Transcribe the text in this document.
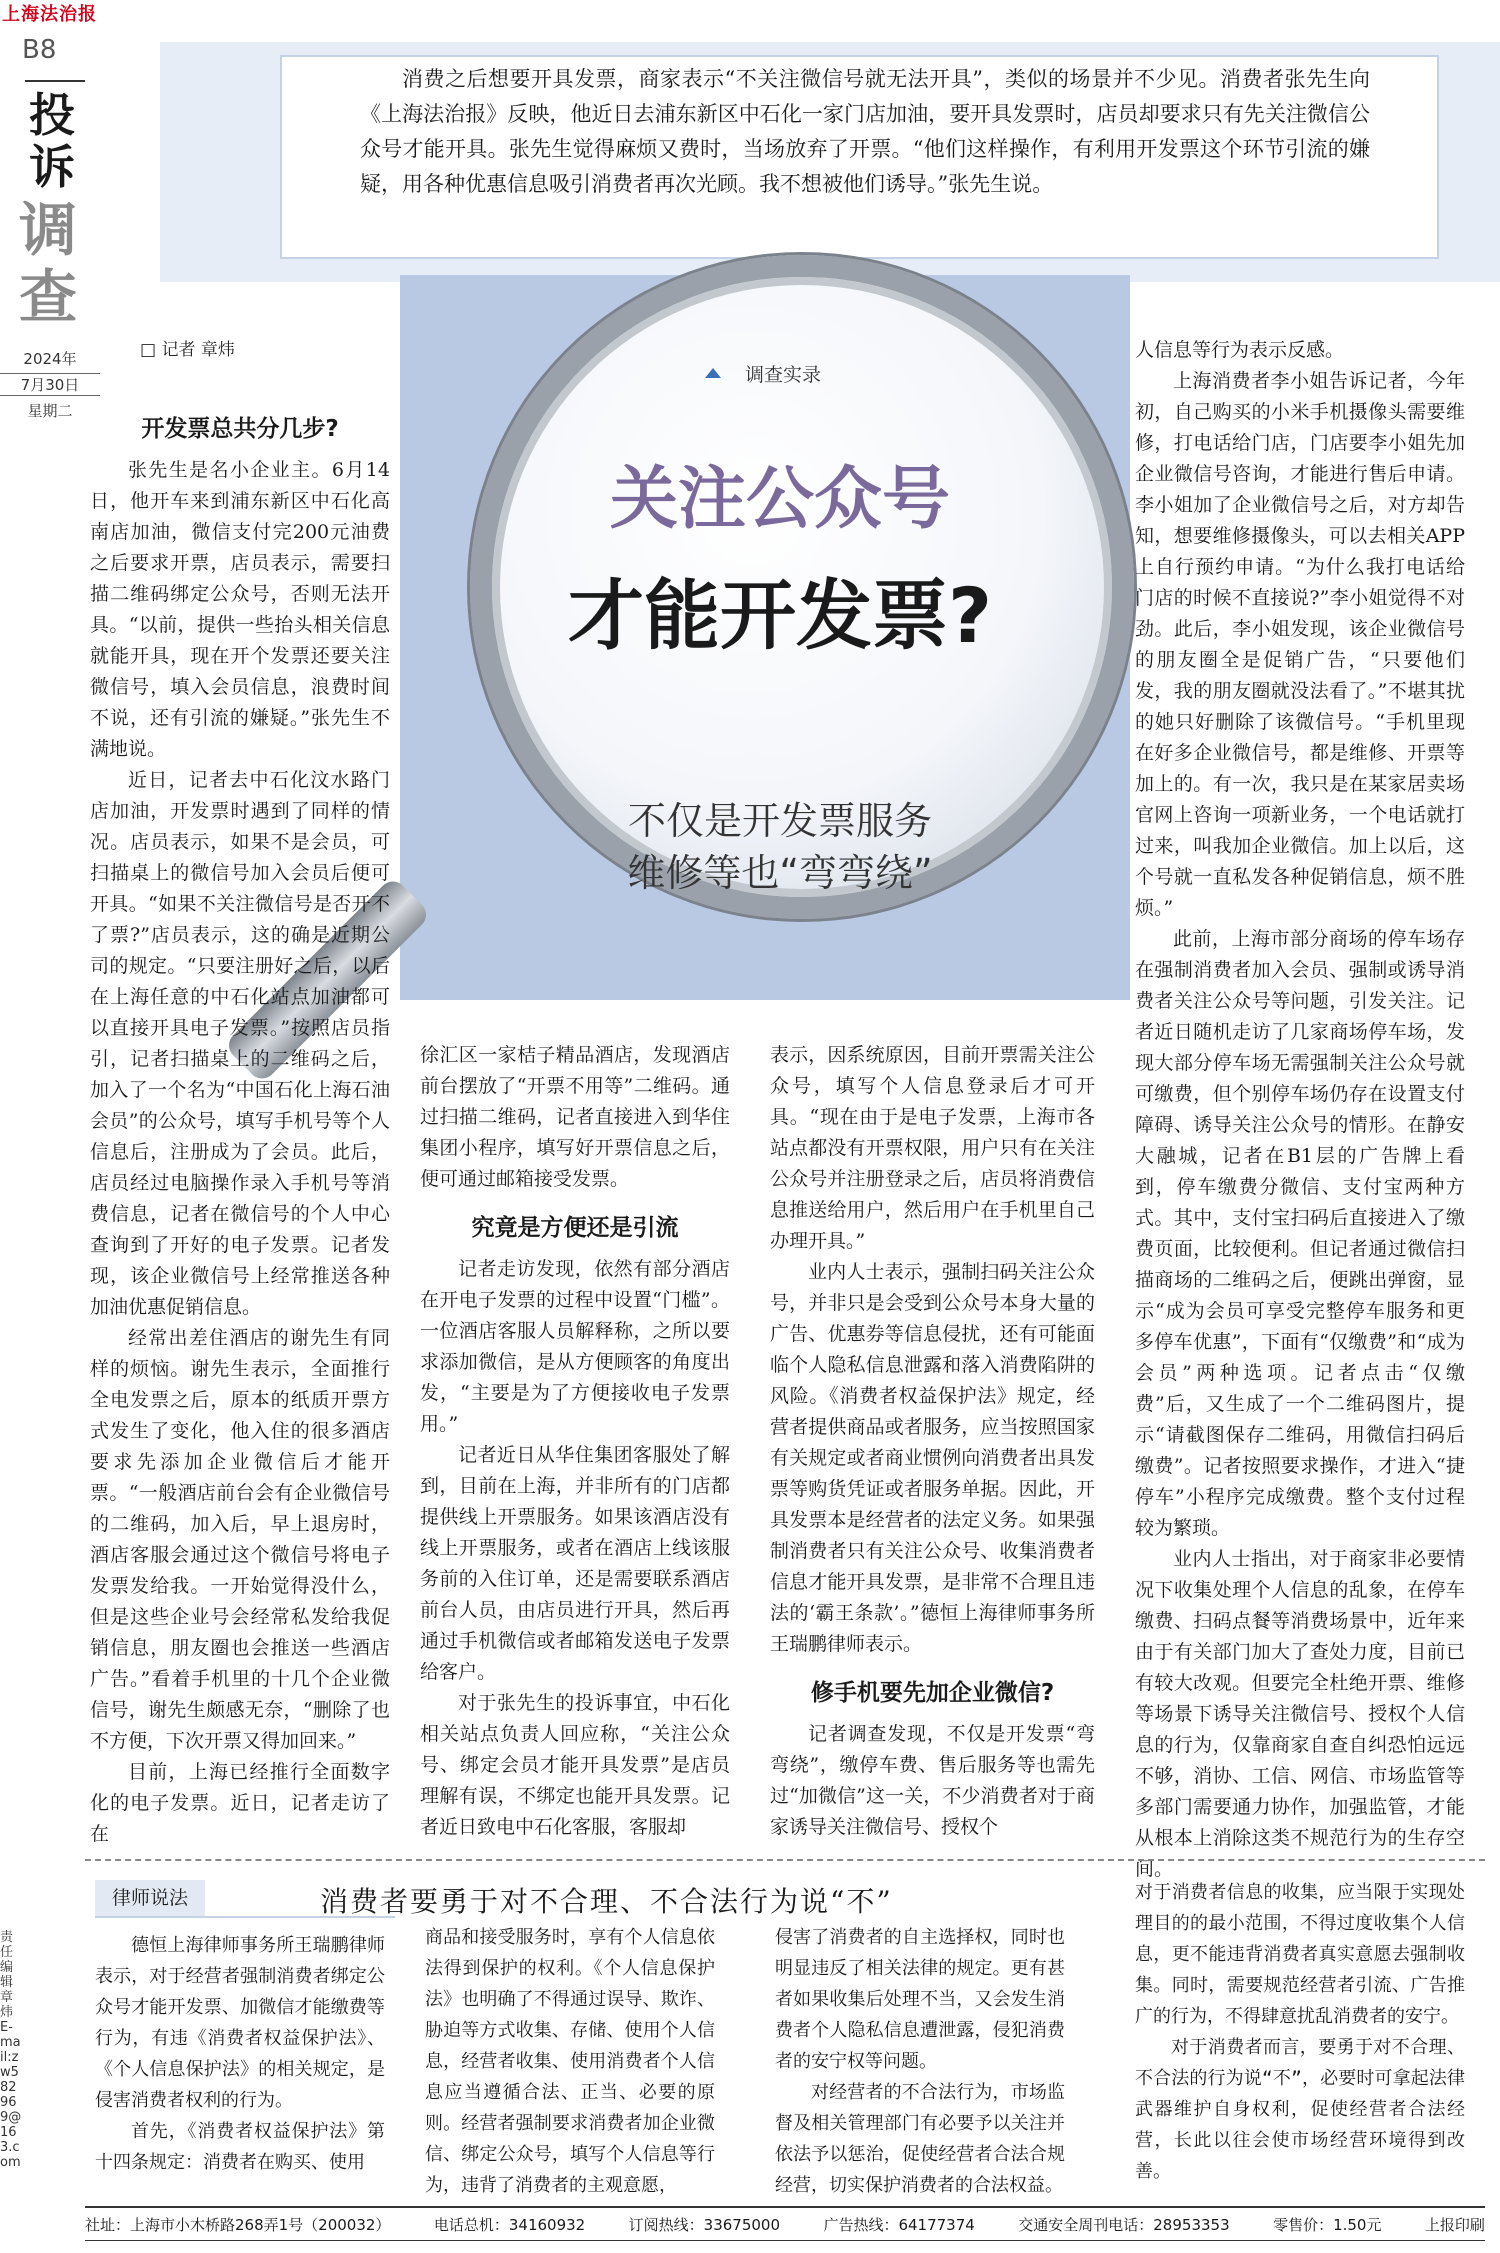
上海法治报
B8
投
诉
调
查
2024年
7月30日
星期二

消费之后想要开具发票，商家表示“不关注微信号就无法开具”，类似的场景并不少见。消费者张先生向《上海法治报》反映，他近日去浦东新区中石化一家门店加油，要开具发票时，店员却要求只有先关注微信公众号才能开具。张先生觉得麻烦又费时，当场放弃了开票。“他们这样操作，有利用开发票这个环节引流的嫌疑，用各种优惠信息吸引消费者再次光顾。我不想被他们诱导。”张先生说。

调查实录
关注公众号
才能开发票?
不仅是开发票服务
维修等也“弯弯绕”
□ 记者 章炜
开发票总共分几步?

张先生是名小企业主。6月14日，他开车来到浦东新区中石化高南店加油，微信支付完200元油费之后要求开票，店员表示，需要扫描二维码绑定公众号，否则无法开具。“以前，提供一些抬头相关信息就能开具，现在开个发票还要关注微信号，填入会员信息，浪费时间不说，还有引流的嫌疑。”张先生不满地说。

近日，记者去中石化汶水路门店加油，开发票时遇到了同样的情况。店员表示，如果不是会员，可扫描桌上的微信号加入会员后便可开具。“如果不关注微信号是否开不了票?”店员表示，这的确是近期公司的规定。“只要注册好之后，以后在上海任意的中石化站点加油都可以直接开具电子发票。”按照店员指引，记者扫描桌上的二维码之后，加入了一个名为“中国石化上海石油会员”的公众号，填写手机号等个人信息后，注册成为了会员。此后，店员经过电脑操作录入手机号等消费信息，记者在微信号的个人中心查询到了开好的电子发票。记者发现，该企业微信号上经常推送各种加油优惠促销信息。

经常出差住酒店的谢先生有同样的烦恼。谢先生表示，全面推行全电发票之后，原本的纸质开票方式发生了变化，他入住的很多酒店要求先添加企业微信后才能开票。“一般酒店前台会有企业微信号的二维码，加入后，早上退房时，酒店客服会通过这个微信号将电子发票发给我。一开始觉得没什么，但是这些企业号会经常私发给我促销信息，朋友圈也会推送一些酒店广告。”看着手机里的十几个企业微信号，谢先生颇感无奈，“删除了也不方便，下次开票又得加回来。”

目前，上海已经推行全面数字化的电子发票。近日，记者走访了在

徐汇区一家桔子精品酒店，发现酒店前台摆放了“开票不用等”二维码。通过扫描二维码，记者直接进入到华住集团小程序，填写好开票信息之后，便可通过邮箱接受发票。

究竟是方便还是引流

记者走访发现，依然有部分酒店在开电子发票的过程中设置“门槛”。一位酒店客服人员解释称，之所以要求添加微信，是从方便顾客的角度出发，“主要是为了方便接收电子发票用。”

记者近日从华住集团客服处了解到，目前在上海，并非所有的门店都提供线上开票服务。如果该酒店没有线上开票服务，或者在酒店上线该服务前的入住订单，还是需要联系酒店前台人员，由店员进行开具，然后再通过手机微信或者邮箱发送电子发票给客户。

对于张先生的投诉事宜，中石化相关站点负责人回应称，“关注公众号、绑定会员才能开具发票”是店员理解有误，不绑定也能开具发票。记者近日致电中石化客服，客服却

表示，因系统原因，目前开票需关注公众号，填写个人信息登录后才可开具。“现在由于是电子发票，上海市各站点都没有开票权限，用户只有在关注公众号并注册登录之后，店员将消费信息推送给用户，然后用户在手机里自己办理开具。”

业内人士表示，强制扫码关注公众号，并非只是会受到公众号本身大量的广告、优惠券等信息侵扰，还有可能面临个人隐私信息泄露和落入消费陷阱的风险。《消费者权益保护法》规定，经营者提供商品或者服务，应当按照国家有关规定或者商业惯例向消费者出具发票等购货凭证或者服务单据。因此，开具发票本是经营者的法定义务。如果强制消费者只有关注公众号、收集消费者信息才能开具发票，是非常不合理且违法的‘霸王条款’。”德恒上海律师事务所王瑞鹏律师表示。

修手机要先加企业微信?

记者调查发现，不仅是开发票“弯弯绕”，缴停车费、售后服务等也需先过“加微信”这一关，不少消费者对于商家诱导关注微信号、授权个

人信息等行为表示反感。

上海消费者李小姐告诉记者，今年初，自己购买的小米手机摄像头需要维修，打电话给门店，门店要李小姐先加企业微信号咨询，才能进行售后申请。李小姐加了企业微信号之后，对方却告知，想要维修摄像头，可以去相关APP上自行预约申请。“为什么我打电话给门店的时候不直接说?”李小姐觉得不对劲。此后，李小姐发现，该企业微信号的朋友圈全是促销广告，“只要他们发，我的朋友圈就没法看了。”不堪其扰的她只好删除了该微信号。“手机里现在好多企业微信号，都是维修、开票等加上的。有一次，我只是在某家居卖场官网上咨询一项新业务，一个电话就打过来，叫我加企业微信。加上以后，这个号就一直私发各种促销信息，烦不胜烦。”

此前，上海市部分商场的停车场存在强制消费者加入会员、强制或诱导消费者关注公众号等问题，引发关注。记者近日随机走访了几家商场停车场，发现大部分停车场无需强制关注公众号就可缴费，但个别停车场仍存在设置支付障碍、诱导关注公众号的情形。在静安大融城，记者在B1层的广告牌上看到，停车缴费分微信、支付宝两种方式。其中，支付宝扫码后直接进入了缴费页面，比较便利。但记者通过微信扫描商场的二维码之后，便跳出弹窗，显示“成为会员可享受完整停车服务和更多停车优惠”，下面有“仅缴费”和“成为会员”两种选项。记者点击“仅缴费”后，又生成了一个二维码图片，提示“请截图保存二维码，用微信扫码后缴费”。记者按照要求操作，才进入“捷停车”小程序完成缴费。整个支付过程较为繁琐。

业内人士指出，对于商家非必要情况下收集处理个人信息的乱象，在停车缴费、扫码点餐等消费场景中，近年来由于有关部门加大了查处力度，目前已有较大改观。但要完全杜绝开票、维修等场景下诱导关注微信号、授权个人信息的行为，仅靠商家自查自纠恐怕远远不够，消协、工信、网信、市场监管等多部门需要通力协作，加强监管，才能从根本上消除这类不规范行为的生存空间。

律师说法	消费者要勇于对不合理、不合法行为说“不”

德恒上海律师事务所王瑞鹏律师表示，对于经营者强制消费者绑定公众号才能开发票、加微信才能缴费等行为，有违《消费者权益保护法》、《个人信息保护法》的相关规定，是侵害消费者权利的行为。

首先，《消费者权益保护法》第十四条规定：消费者在购买、使用

商品和接受服务时，享有个人信息依法得到保护的权利。《个人信息保护法》也明确了不得通过误导、欺诈、胁迫等方式收集、存储、使用个人信息，经营者收集、使用消费者个人信息应当遵循合法、正当、必要的原则。经营者强制要求消费者加企业微信、绑定公众号，填写个人信息等行为，违背了消费者的主观意愿，

侵害了消费者的自主选择权，同时也明显违反了相关法律的规定。更有甚者如果收集后处理不当，又会发生消费者个人隐私信息遭泄露，侵犯消费者的安宁权等问题。

对经营者的不合法行为，市场监督及相关管理部门有必要予以关注并依法予以惩治，促使经营者合法合规经营，切实保护消费者的合法权益。

对于消费者信息的收集，应当限于实现处理目的的最小范围，不得过度收集个人信息，更不能违背消费者真实意愿去强制收集。同时，需要规范经营者引流、广告推广的行为，不得肆意扰乱消费者的安宁。

对于消费者而言，要勇于对不合理、不合法的行为说“不”，必要时可拿起法律武器维护自身权利，促使经营者合法经营，长此以往会使市场经营环境得到改善。

责任编辑 章炜 E-mail:zw582969@163.com
社址：上海市小木桥路268弄1号（200032）	电话总机：34160932	订阅热线：33675000	广告热线：64177374	交通安全周刊电话：28953353	零售价：1.50元	上报印刷
